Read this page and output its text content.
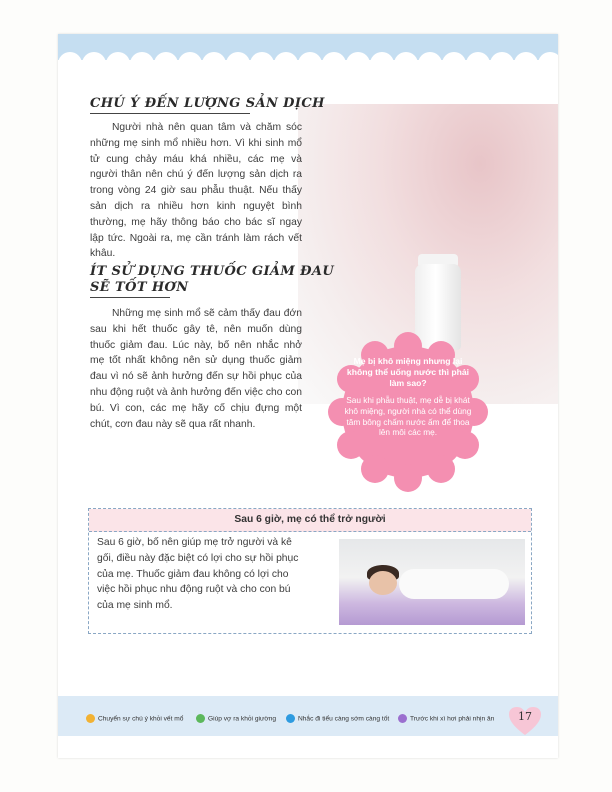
CHÚ Ý ĐẾN LƯỢNG SẢN DỊCH
Người nhà nên quan tâm và chăm sóc những mẹ sinh mổ nhiều hơn. Vì khi sinh mổ tử cung chảy máu khá nhiều, các mẹ và người thân nên chú ý đến lượng sản dịch ra trong vòng 24 giờ sau phẫu thuật. Nếu thấy sản dịch ra nhiều hơn kinh nguyệt bình thường, mẹ hãy thông báo cho bác sĩ ngay lập tức. Ngoài ra, mẹ cần tránh làm rách vết khâu.
ÍT SỬ DỤNG THUỐC GIẢM ĐAU
SẼ TỐT HƠN
Những mẹ sinh mổ sẽ cảm thấy đau đớn sau khi hết thuốc gây tê, nên muốn dùng thuốc giảm đau. Lúc này, bố nên nhắc nhở mẹ tốt nhất không nên sử dụng thuốc giảm đau vì nó sẽ ảnh hưởng đến sự hồi phục của nhu động ruột và ảnh hưởng đến việc cho con bú. Vì con, các mẹ hãy cố chịu đựng một chút, cơn đau này sẽ qua rất nhanh.
Mẹ bị khô miệng nhưng lại không thể uống nước thì phải làm sao?
Sau khi phẫu thuật, mẹ dễ bị khát khô miệng, người nhà có thể dùng tăm bông chấm nước ấm để thoa lên môi các mẹ.
Sau 6 giờ, mẹ có thể trở người
Sau 6 giờ, bố nên giúp mẹ trở người và kê gối, điều này đặc biệt có lợi cho sự hồi phục của mẹ. Thuốc giảm đau không có lợi cho việc hồi phục nhu động ruột và cho con bú của mẹ sinh mổ.
Chuyển sự chú ý khỏi vết mổ	Giúp vợ ra khỏi giường	Nhắc đi tiểu càng sớm càng tốt	Trước khi xì hơi phải nhịn ăn	17
